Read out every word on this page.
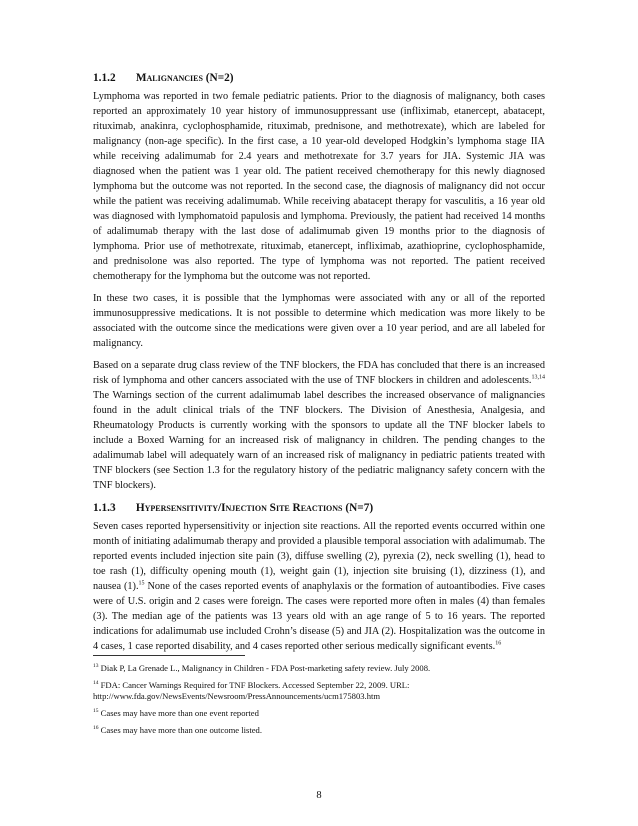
1.1.2 Malignancies (N=2)

Lymphoma was reported in two female pediatric patients. Prior to the diagnosis of malignancy, both cases reported an approximately 10 year history of immunosuppressant use (infliximab, etanercept, abatacept, rituximab, anakinra, cyclophosphamide, rituximab, prednisone, and methotrexate), which are labeled for malignancy (non-age specific). In the first case, a 10 year-old developed Hodgkin’s lymphoma stage IIA while receiving adalimumab for 2.4 years and methotrexate for 3.7 years for JIA. Systemic JIA was diagnosed when the patient was 1 year old. The patient received chemotherapy for this newly diagnosed lymphoma but the outcome was not reported. In the second case, the diagnosis of malignancy did not occur while the patient was receiving adalimumab. While receiving abatacept therapy for vasculitis, a 16 year old was diagnosed with lymphomatoid papulosis and lymphoma. Previously, the patient had received 14 months of adalimumab therapy with the last dose of adalimumab given 19 months prior to the diagnosis of lymphoma. Prior use of methotrexate, rituximab, etanercept, infliximab, azathioprine, cyclophosphamide, and prednisolone was also reported. The type of lymphoma was not reported. The patient received chemotherapy for the lymphoma but the outcome was not reported.

In these two cases, it is possible that the lymphomas were associated with any or all of the reported immunosuppressive medications. It is not possible to determine which medication was more likely to be associated with the outcome since the medications were given over a 10 year period, and are all labeled for malignancy.

Based on a separate drug class review of the TNF blockers, the FDA has concluded that there is an increased risk of lymphoma and other cancers associated with the use of TNF blockers in children and adolescents.$^{13,14}$ The Warnings section of the current adalimumab label describes the increased observance of malignancies found in the adult clinical trials of the TNF blockers. The Division of Anesthesia, Analgesia, and Rheumatology Products is currently working with the sponsors to update all the TNF blocker labels to include a Boxed Warning for an increased risk of malignancy in children. The pending changes to the adalimumab label will adequately warn of an increased risk of malignancy in pediatric patients treated with TNF blockers (see Section 1.3 for the regulatory history of the pediatric malignancy safety concern with the TNF blockers).

1.1.3 Hypersensitivity/Injection Site Reactions (N=7)

Seven cases reported hypersensitivity or injection site reactions. All the reported events occurred within one month of initiating adalimumab therapy and provided a plausible temporal association with adalimumab. The reported events included injection site pain (3), diffuse swelling (2), pyrexia (2), neck swelling (1), head to toe rash (1), difficulty opening mouth (1), weight gain (1), injection site bruising (1), dizziness (1), and nausea (1).$^{15}$ None of the cases reported events of anaphylaxis or the formation of autoantibodies. Five cases were of U.S. origin and 2 cases were foreign. The cases were reported more often in males (4) than females (3). The median age of the patients was 13 years old with an age range of 5 to 16 years. The reported indications for adalimumab use included Crohn’s disease (5) and JIA (2). Hospitalization was the outcome in 4 cases, 1 case reported disability, and 4 cases reported other serious medically significant events.$^{16}$

$^{13}$ Diak P, La Grenade L., Malignancy in Children - FDA Post-marketing safety review. July 2008.

$^{14}$ FDA: Cancer Warnings Required for TNF Blockers. Accessed September 22, 2009. URL: http://www.fda.gov/NewsEvents/Newsroom/PressAnnouncements/ucm175803.htm

$^{15}$ Cases may have more than one event reported

$^{16}$ Cases may have more than one outcome listed.

8
